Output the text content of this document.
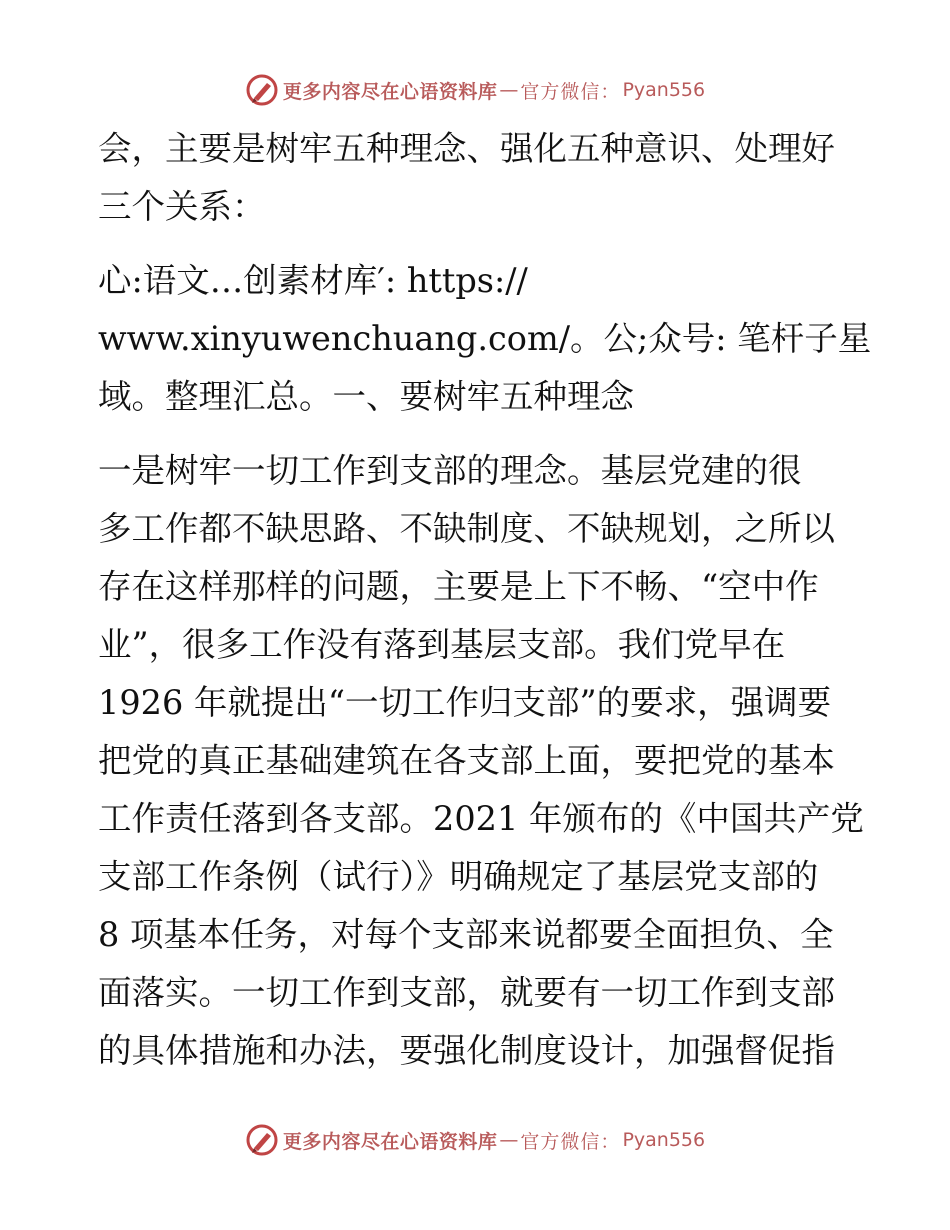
更多内容尽在心语资料库 — 官方微信： Pyan556
会，主要是树牢五种理念、强化五种意识、处理好
三个关系：
心:语文…创素材库′: https://
www.xinyuwenchuang.com/。公;众号: 笔杆子星
域。整理汇总。一、要树牢五种理念
一是树牢一切工作到支部的理念。基层党建的很
多工作都不缺思路、不缺制度、不缺规划，之所以
存在这样那样的问题，主要是上下不畅、“空中作
业”，很多工作没有落到基层支部。我们党早在
1926 年就提出“一切工作归支部”的要求，强调要
把党的真正基础建筑在各支部上面，要把党的基本
工作责任落到各支部。2021 年颁布的《中国共产党
支部工作条例（试行）》明确规定了基层党支部的
8 项基本任务，对每个支部来说都要全面担负、全
面落实。一切工作到支部，就要有一切工作到支部
的具体措施和办法，要强化制度设计，加强督促指
更多内容尽在心语资料库 — 官方微信： Pyan556
